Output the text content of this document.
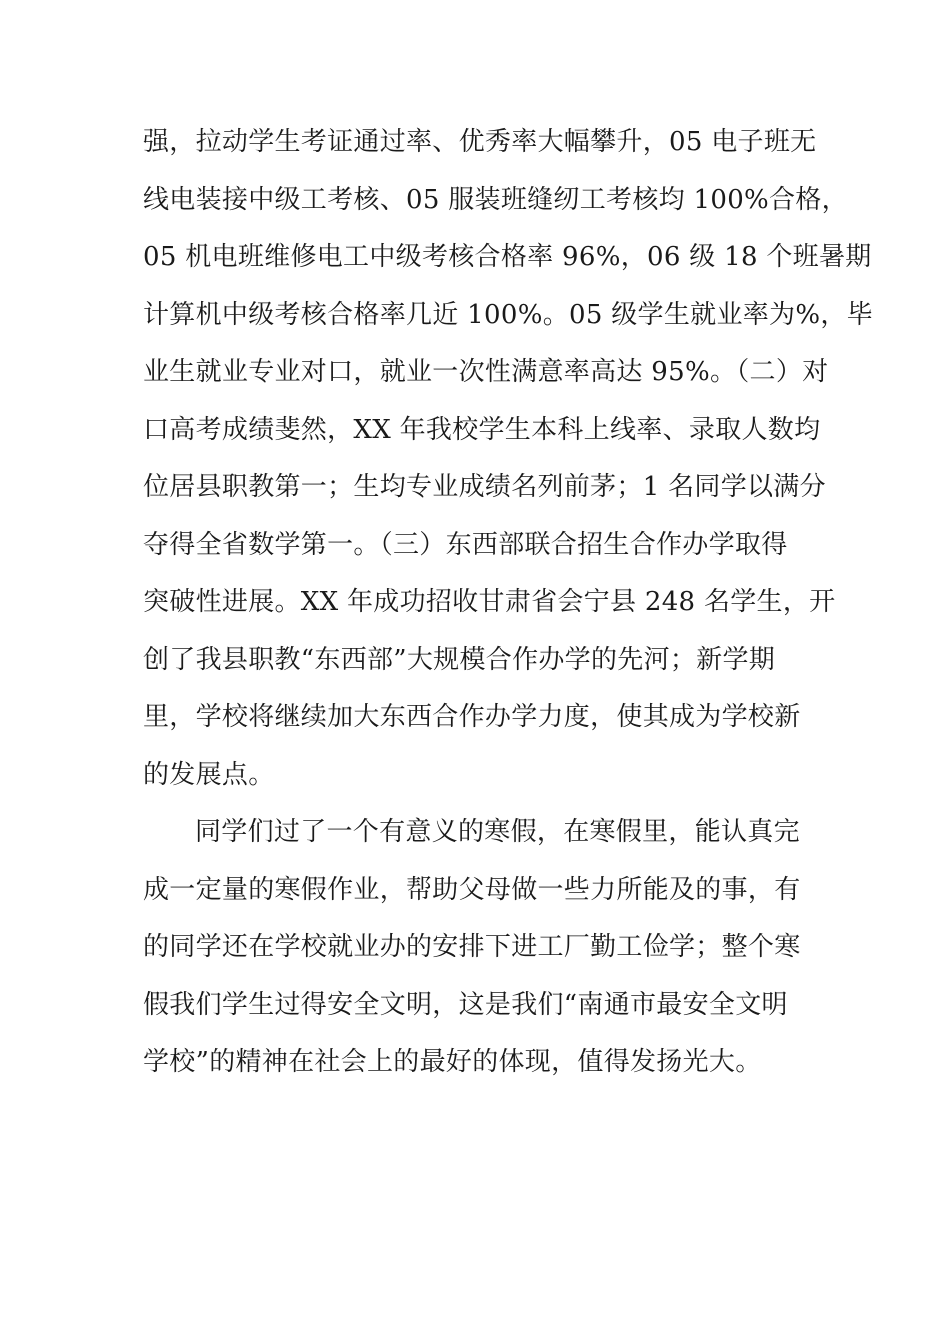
强，拉动学生考证通过率、优秀率大幅攀升，05 电子班无
线电装接中级工考核、05 服装班缝纫工考核均 100%合格，
05 机电班维修电工中级考核合格率 96%，06 级 18 个班暑期
计算机中级考核合格率几近 100%。05 级学生就业率为%，毕
业生就业专业对口，就业一次性满意率高达 95%。（二）对
口高考成绩斐然，XX 年我校学生本科上线率、录取人数均
位居县职教第一；生均专业成绩名列前茅；1 名同学以满分
夺得全省数学第一。（三）东西部联合招生合作办学取得
突破性进展。XX 年成功招收甘肃省会宁县 248 名学生，开
创了我县职教“东西部”大规模合作办学的先河；新学期
里，学校将继续加大东西合作办学力度，使其成为学校新
的发展点。
同学们过了一个有意义的寒假，在寒假里，能认真完
成一定量的寒假作业，帮助父母做一些力所能及的事，有
的同学还在学校就业办的安排下进工厂勤工俭学；整个寒
假我们学生过得安全文明，这是我们“南通市最安全文明
学校”的精神在社会上的最好的体现，值得发扬光大。
